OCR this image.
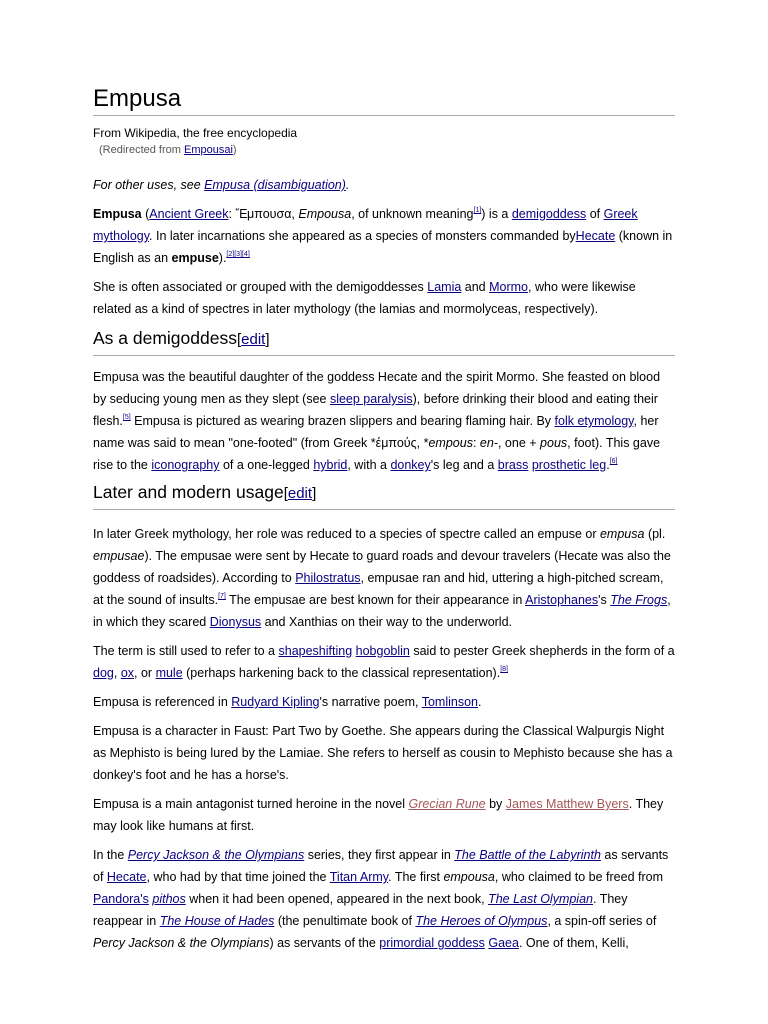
Empusa
From Wikipedia, the free encyclopedia
(Redirected from Empousai)
For other uses, see Empusa (disambiguation).

Empusa (Ancient Greek: Ἔμπουσα, Empousa, of unknown meaning[1]) is a demigoddess of Greek mythology. In later incarnations she appeared as a species of monsters commanded byHecate (known in English as an empuse).[2][3][4]

She is often associated or grouped with the demigoddesses Lamia and Mormo, who were likewise related as a kind of spectres in later mythology (the lamias and mormolyceas, respectively).

As a demigoddess[edit]

Empusa was the beautiful daughter of the goddess Hecate and the spirit Mormo. She feasted on blood by seducing young men as they slept (see sleep paralysis), before drinking their blood and eating their flesh.[5] Empusa is pictured as wearing brazen slippers and bearing flaming hair. By folk etymology, her name was said to mean "one-footed" (from Greek *έμπούς, *empous: en-, one + pous, foot). This gave rise to the iconography of a one-legged hybrid, with a donkey's leg and a brass prosthetic leg.[6]

Later and modern usage[edit]

In later Greek mythology, her role was reduced to a species of spectre called an empuse or empusa (pl. empusae). The empusae were sent by Hecate to guard roads and devour travelers (Hecate was also the goddess of roadsides). According to Philostratus, empusae ran and hid, uttering a high-pitched scream, at the sound of insults.[7] The empusae are best known for their appearance in Aristophanes's The Frogs, in which they scared Dionysus and Xanthias on their way to the underworld.

The term is still used to refer to a shapeshifting hobgoblin said to pester Greek shepherds in the form of a dog, ox, or mule (perhaps harkening back to the classical representation).[8]

Empusa is referenced in Rudyard Kipling's narrative poem, Tomlinson.

Empusa is a character in Faust: Part Two by Goethe. She appears during the Classical Walpurgis Night as Mephisto is being lured by the Lamiae. She refers to herself as cousin to Mephisto because she has a donkey's foot and he has a horse's.

Empusa is a main antagonist turned heroine in the novel Grecian Rune by James Matthew Byers. They may look like humans at first.

In the Percy Jackson & the Olympians series, they first appear in The Battle of the Labyrinth as servants of Hecate, who had by that time joined the Titan Army. The first empousa, who claimed to be freed from Pandora's pithos when it had been opened, appeared in the next book, The Last Olympian. They reappear in The House of Hades (the penultimate book of The Heroes of Olympus, a spin-off series of Percy Jackson & the Olympians) as servants of the primordial goddess Gaea. One of them, Kelli,
